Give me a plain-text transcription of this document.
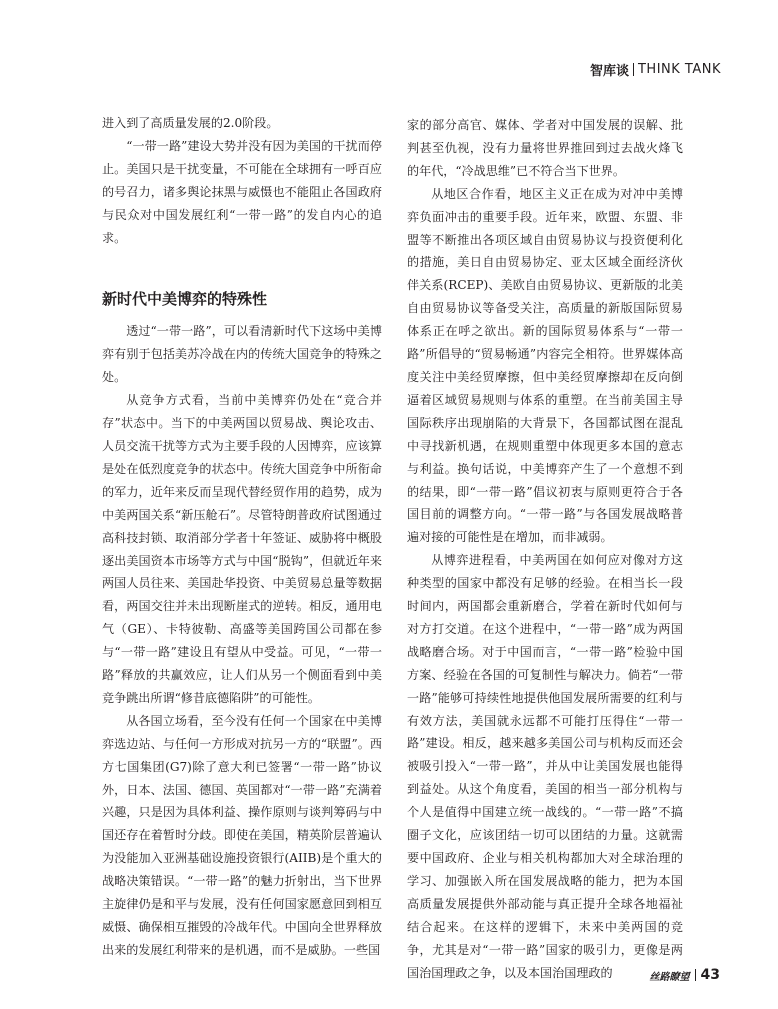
智库谈 THINK TANK

进入到了高质量发展的2.0阶段。

“一带一路”建设大势并没有因为美国的干扰而停止。美国只是干扰变量，不可能在全球拥有一呼百应的号召力，诸多舆论抹黑与威慑也不能阻止各国政府与民众对中国发展红利“一带一路”的发自内心的追求。

新时代中美博弈的特殊性

透过“一带一路”，可以看清新时代下这场中美博弈有别于包括美苏冷战在内的传统大国竞争的特殊之处。

从竞争方式看，当前中美博弈仍处在“竞合并存”状态中。当下的中美两国以贸易战、舆论攻击、人员交流干扰等方式为主要手段的人因博弈，应该算是处在低烈度竞争的状态中。传统大国竞争中所衔命的军力，近年来反而呈现代替经贸作用的趋势，成为中美两国关系“新压舱石”。尽管特朗普政府试图通过高科技封锁、取消部分学者十年签证、威胁将中概股逐出美国资本市场等方式与中国“脱钩”，但就近年来两国人员往来、美国赴华投资、中美贸易总量等数据看，两国交往并未出现断崖式的逆转。相反，通用电气（GE）、卡特彼勒、高盛等美国跨国公司都在参与“一带一路”建设且有望从中受益。可见，“一带一路”释放的共赢效应，让人们从另一个侧面看到中美竞争跳出所谓“修昔底德陷阱”的可能性。

从各国立场看，至今没有任何一个国家在中美博弈选边站、与任何一方形成对抗另一方的“联盟”。西方七国集团(G7)除了意大利已签署“一带一路”协议外，日本、法国、德国、英国都对“一带一路”充满着兴趣，只是因为具体利益、操作原则与谈判筹码与中国还存在着暂时分歧。即使在美国，精英阶层普遍认为没能加入亚洲基础设施投资银行(AIIB)是个重大的战略决策错误。“一带一路”的魅力折射出，当下世界主旋律仍是和平与发展，没有任何国家愿意回到相互威慑、确保相互摧毁的冷战年代。中国向全世界释放出来的发展红利带来的是机遇，而不是威胁。一些国

家的部分高官、媒体、学者对中国发展的误解、批判甚至仇视，没有力量将世界推回到过去战火烽飞的年代，“冷战思维”已不符合当下世界。

从地区合作看，地区主义正在成为对冲中美博弈负面冲击的重要手段。近年来，欧盟、东盟、非盟等不断推出各项区域自由贸易协议与投资便利化的措施，美日自由贸易协定、亚太区域全面经济伙伴关系(RCEP)、美欧自由贸易协议、更新版的北美自由贸易协议等备受关注，高质量的新版国际贸易体系正在呼之欲出。新的国际贸易体系与“一带一路”所倡导的“贸易畅通”内容完全相符。世界媒体高度关注中美经贸摩擦，但中美经贸摩擦却在反向倒逼着区域贸易规则与体系的重塑。在当前美国主导国际秩序出现崩陷的大背景下，各国都试图在混乱中寻找新机遇，在规则重塑中体现更多本国的意志与利益。换句话说，中美博弈产生了一个意想不到的结果，即“一带一路”倡议初衷与原则更符合于各国目前的调整方向。“一带一路”与各国发展战略普遍对接的可能性是在增加，而非减弱。

从博弈进程看，中美两国在如何应对像对方这种类型的国家中都没有足够的经验。在相当长一段时间内，两国都会重新磨合，学着在新时代如何与对方打交道。在这个进程中，“一带一路”成为两国战略磨合场。对于中国而言，“一带一路”检验中国方案、经验在各国的可复制性与解决力。倘若“一带一路”能够可持续性地提供他国发展所需要的红利与有效方法，美国就永远都不可能打压得住“一带一路”建设。相反，越来越多美国公司与机构反而还会被吸引投入“一带一路”，并从中让美国发展也能得到益处。从这个角度看，美国的相当一部分机构与个人是值得中国建立统一战线的。“一带一路”不搞圈子文化，应该团结一切可以团结的力量。这就需要中国政府、企业与相关机构都加大对全球治理的学习、加强嵌入所在国发展战略的能力，把为本国高质量发展提供外部动能与真正提升全球各地福祉结合起来。在这样的逻辑下，未来中美两国的竞争，尤其是对“一带一路”国家的吸引力，更像是两国治国理政之争，以及本国治国理政的	丝路瞭望 43
